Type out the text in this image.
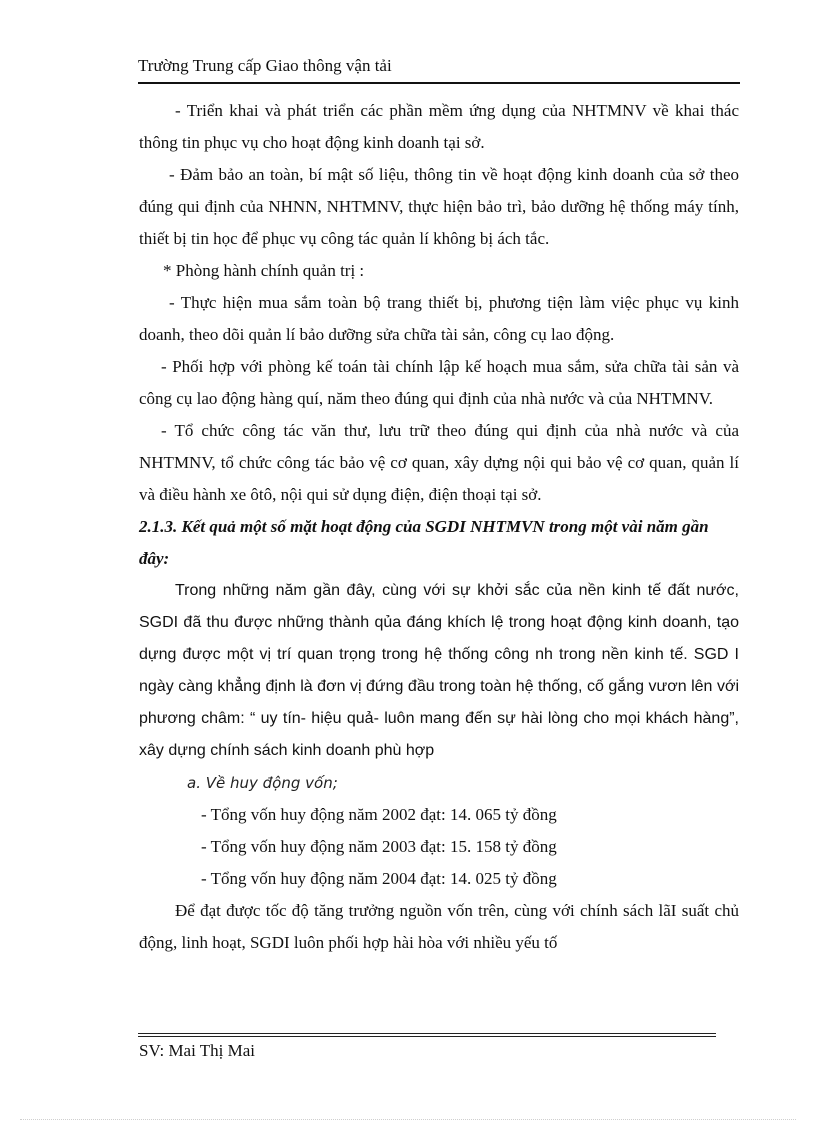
Trường Trung cấp Giao thông vận tải

- Triển khai và phát triển các phần mềm ứng dụng của NHTMNV về khai thác thông tin phục vụ cho hoạt động kinh doanh tại sở.

- Đảm bảo an toàn, bí mật số liệu, thông tin về hoạt động kinh doanh của sở theo đúng qui định của NHNN, NHTMNV, thực hiện bảo trì, bảo dưỡng hệ thống máy tính, thiết bị tin học để phục vụ công tác quản lí không bị ách tắc.

* Phòng hành chính quản trị :

- Thực hiện mua sắm toàn bộ trang thiết bị, phương tiện làm việc phục vụ kinh doanh, theo dõi quản lí bảo dưỡng sửa chữa tài sản, công cụ lao động.

- Phối hợp với phòng kế toán tài chính lập kế hoạch mua sắm, sửa chữa tài sản và công cụ lao động hàng quí, năm theo đúng qui định của nhà nước và của NHTMNV.

- Tổ chức công tác văn thư, lưu trữ theo đúng qui định của nhà nước và của NHTMNV, tổ chức công tác bảo vệ cơ quan, xây dựng nội qui bảo vệ cơ quan, quản lí và điều hành xe ôtô, nội qui sử dụng điện, điện thoại tại sở.

2.1.3. Kết quả một số mặt hoạt động của SGDI NHTMVN trong một vài năm gần đây:

Trong những năm gần đây, cùng với sự khởi sắc của nền kinh tế đất nước, SGDI đã thu được những thành qủa đáng khích lệ trong hoạt động kinh doanh, tạo dựng được một vị trí quan trọng trong hệ thống công nh trong nền kinh tế. SGD I ngày càng khẳng định là đơn vị đứng đầu trong toàn hệ thống, cố gắng vươn lên với phương châm: “ uy tín- hiệu quả- luôn mang đến sự hài lòng cho mọi khách hàng”, xây dựng chính sách kinh doanh phù hợp

a. Về huy động vốn;

- Tổng vốn huy động năm 2002 đạt: 14. 065 tỷ đồng

- Tổng vốn huy động năm 2003 đạt: 15. 158 tỷ đồng

- Tổng vốn huy động năm 2004 đạt: 14. 025 tỷ đồng

Để đạt được tốc độ tăng trưởng nguồn vốn trên, cùng với chính sách lãI suất chủ động, linh hoạt, SGDI luôn phối hợp hài hòa với nhiều yếu tố

SV: Mai Thị Mai
